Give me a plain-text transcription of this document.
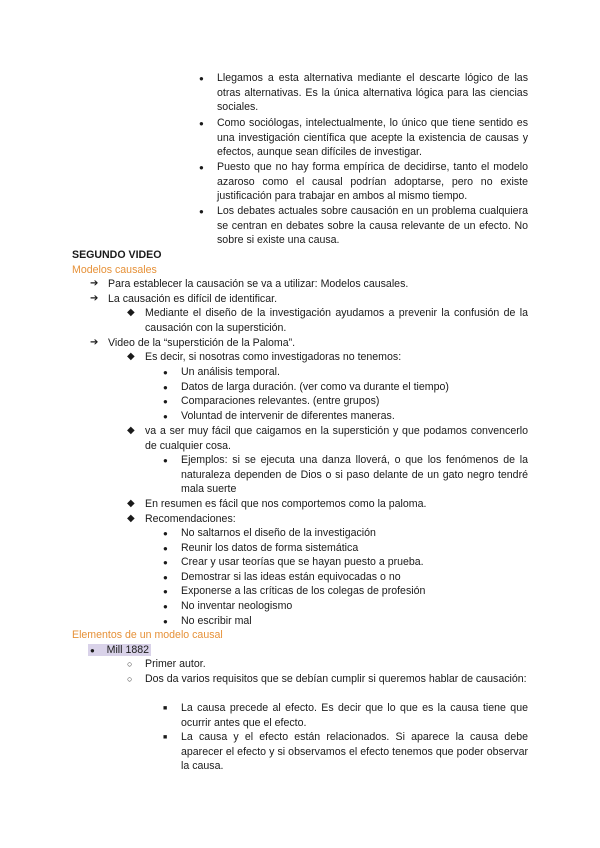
● Llegamos a esta alternativa mediante el descarte lógico de las otras alternativas. Es la única alternativa lógica para las ciencias sociales.
● Como sociólogas, intelectualmente, lo único que tiene sentido es una investigación científica que acepte la existencia de causas y efectos, aunque sean difíciles de investigar.
● Puesto que no hay forma empírica de decidirse, tanto el modelo azaroso como el causal podrían adoptarse, pero no existe justificación para trabajar en ambos al mismo tiempo.
● Los debates actuales sobre causación en un problema cualquiera se centran en debates sobre la causa relevante de un efecto. No sobre si existe una causa.
SEGUNDO VIDEO
Modelos causales
➔ Para establecer la causación se va a utilizar: Modelos causales.
➔ La causación es difícil de identificar.
◆ Mediante el diseño de la investigación ayudamos a prevenir la confusión de la causación con la superstición.
➔ Video de la “superstición de la Paloma”.
◆ Es decir, si nosotras como investigadoras no tenemos:
● Un análisis temporal.
● Datos de larga duración. (ver como va durante el tiempo)
● Comparaciones relevantes. (entre grupos)
● Voluntad de intervenir de diferentes maneras.
◆ va a ser muy fácil que caigamos en la superstición y que podamos convencerlo de cualquier cosa.
● Ejemplos: si se ejecuta una danza lloverá, o que los fenómenos de la naturaleza dependen de Dios o si paso delante de un gato negro tendré mala suerte
◆ En resumen es fácil que nos comportemos como la paloma.
◆ Recomendaciones:
● No saltarnos el diseño de la investigación
● Reunir los datos de forma sistemática
● Crear y usar teorías que se hayan puesto a prueba.
● Demostrar si las ideas están equivocadas o no
● Exponerse a las críticas de los colegas de profesión
● No inventar neologismo
● No escribir mal
Elementos de un modelo causal
● Mill 1882
○ Primer autor.
○ Dos da varios requisitos que se debían cumplir si queremos hablar de causación:
■ La causa precede al efecto. Es decir que lo que es la causa tiene que ocurrir antes que el efecto.
■ La causa y el efecto están relacionados. Si aparece la causa debe aparecer el efecto y si observamos el efecto tenemos que poder observar la causa.
